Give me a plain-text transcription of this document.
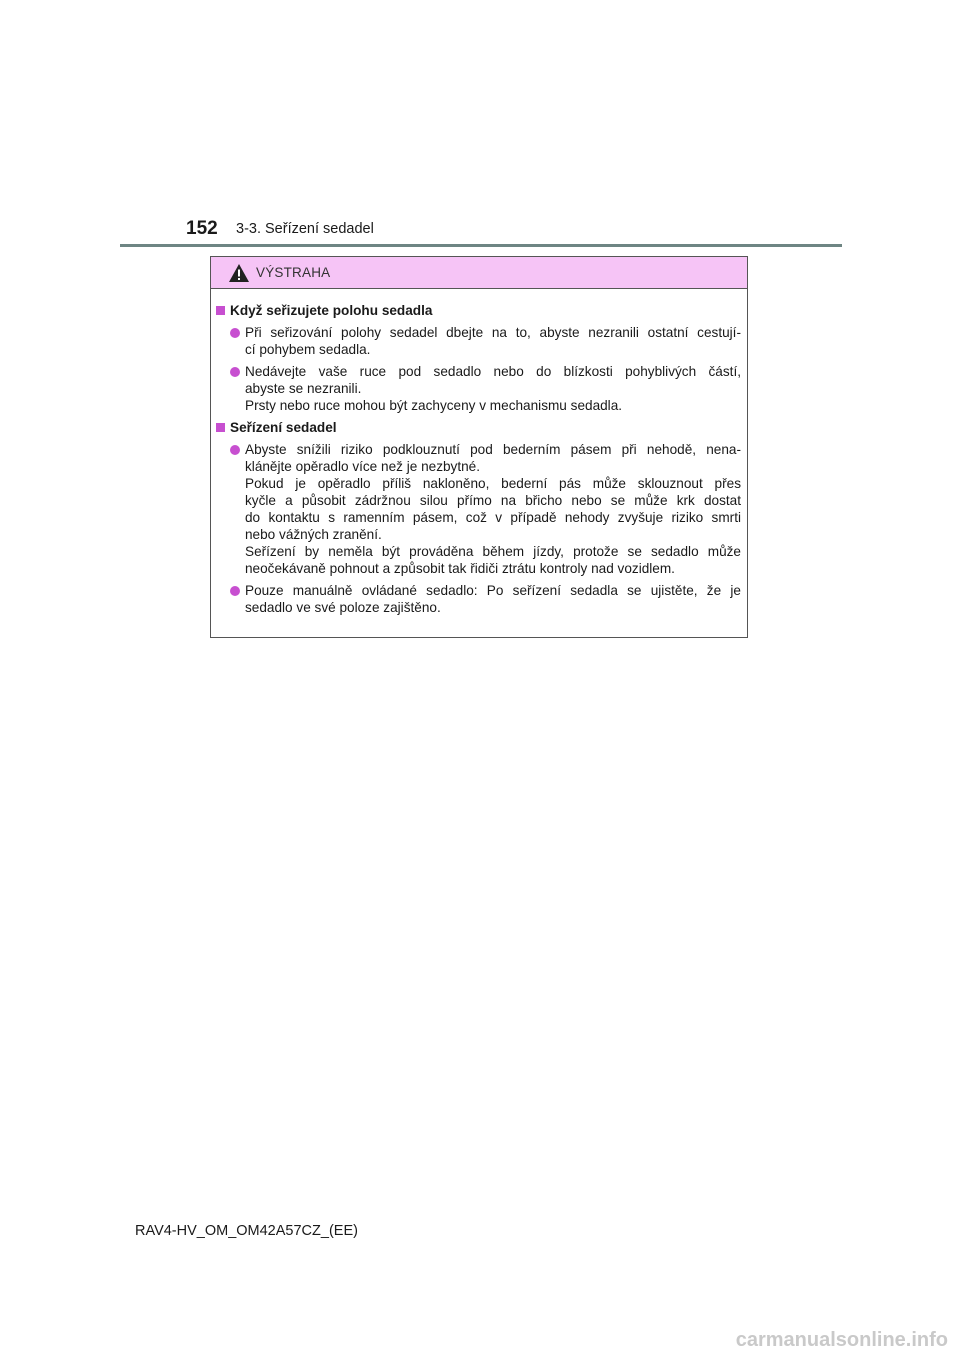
152 3-3. Seřízení sedadel
VÝSTRAHA
Když seřizujete polohu sedadla
Při seřizování polohy sedadel dbejte na to, abyste nezranili ostatní cestují-
cí pohybem sedadla.
Nedávejte vaše ruce pod sedadlo nebo do blízkosti pohyblivých částí,
abyste se nezranili.
Prsty nebo ruce mohou být zachyceny v mechanismu sedadla.
Seřízení sedadel
Abyste snížili riziko podklouznutí pod bederním pásem při nehodě, nena-
klánějte opěradlo více než je nezbytné.
Pokud je opěradlo příliš nakloněno, bederní pás může sklouznout přes
kyčle a působit zádržnou silou přímo na břicho nebo se může krk dostat
do kontaktu s ramenním pásem, což v případě nehody zvyšuje riziko smrti
nebo vážných zranění.
Seřízení by neměla být prováděna během jízdy, protože se sedadlo může
neočekávaně pohnout a způsobit tak řidiči ztrátu kontroly nad vozidlem.
Pouze manuálně ovládané sedadlo: Po seřízení sedadla se ujistěte, že je
sedadlo ve své poloze zajištěno.
RAV4-HV_OM_OM42A57CZ_(EE)
carmanualsonline.info
